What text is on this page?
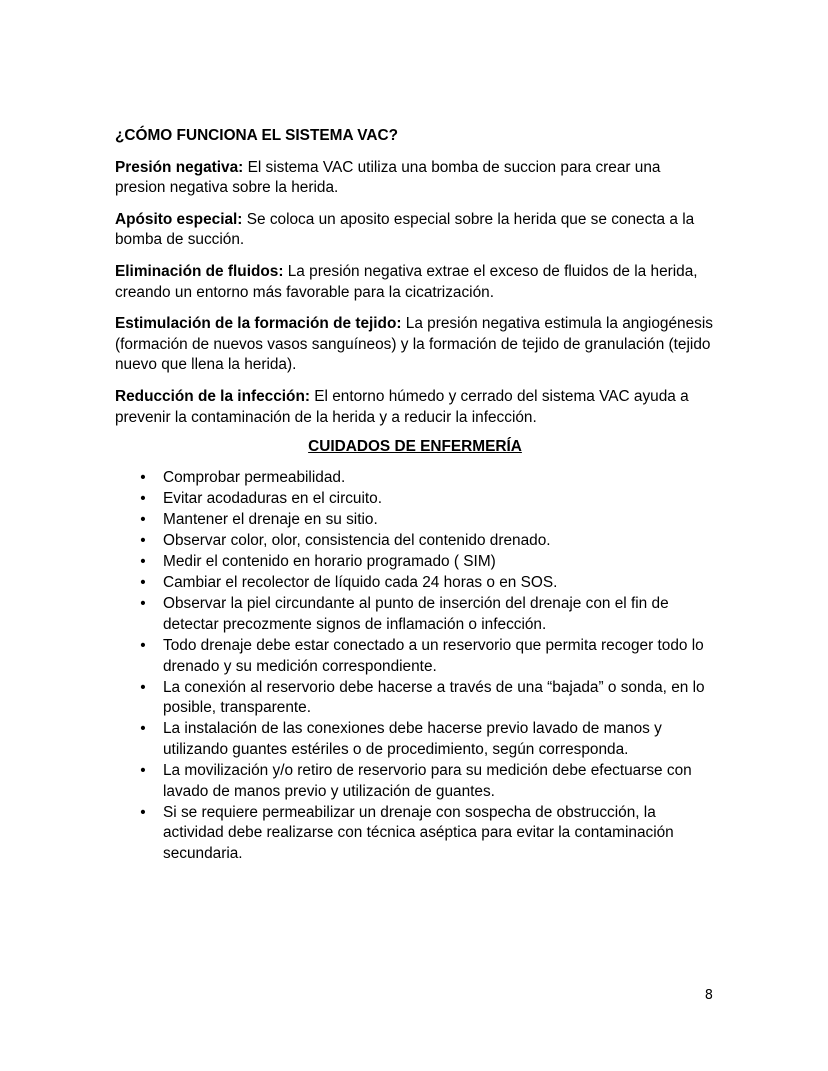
¿CÓMO FUNCIONA EL SISTEMA VAC?
Presión negativa: El sistema VAC utiliza una bomba de succion para crear una presion negativa sobre la herida.
Apósito especial: Se coloca un aposito especial sobre la herida que se conecta a la bomba de succión.
Eliminación de fluidos: La presión negativa extrae el exceso de fluidos de la herida, creando un entorno más favorable para la cicatrización.
Estimulación de la formación de tejido: La presión negativa estimula la angiogénesis (formación de nuevos vasos sanguíneos) y la formación de tejido de granulación (tejido nuevo que llena la herida).
Reducción de la infección: El entorno húmedo y cerrado del sistema VAC ayuda a prevenir la contaminación de la herida y a reducir la infección.
CUIDADOS DE ENFERMERÍA
• Comprobar permeabilidad.
• Evitar acodaduras en el circuito.
• Mantener el drenaje en su sitio.
• Observar color, olor, consistencia del contenido drenado.
• Medir el contenido en horario programado ( SIM)
• Cambiar el recolector de líquido cada 24 horas o en SOS.
• Observar la piel circundante al punto de inserción del drenaje con el fin de detectar precozmente signos de inflamación o infección.
• Todo drenaje debe estar conectado a un reservorio que permita recoger todo lo drenado y su medición correspondiente.
• La conexión al reservorio debe hacerse a través de una “bajada” o sonda, en lo posible, transparente.
• La instalación de las conexiones debe hacerse previo lavado de manos y utilizando guantes estériles o de procedimiento, según corresponda.
• La movilización y/o retiro de reservorio para su medición debe efectuarse con lavado de manos previo y utilización de guantes.
• Si se requiere permeabilizar un drenaje con sospecha de obstrucción, la actividad debe realizarse con técnica aséptica para evitar la contaminación secundaria.
8
